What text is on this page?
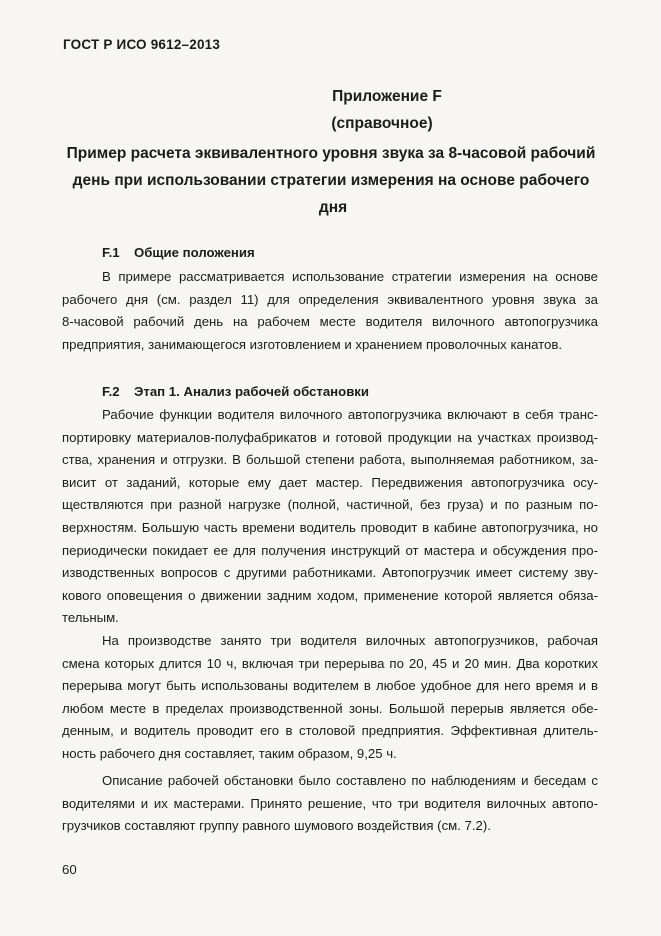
ГОСТ Р ИСО 9612–2013
Приложение F
(справочное)
Пример расчета эквивалентного уровня звука за 8-часовой рабочий
день при использовании стратегии измерения на основе рабочего
дня
F.1 Общие положения
В примере рассматривается использование стратегии измерения на основе
рабочего дня (см. раздел 11) для определения эквивалентного уровня звука за
8-часовой рабочий день на рабочем месте водителя вилочного автопогрузчика
предприятия, занимающегося изготовлением и хранением проволочных канатов.
F.2 Этап 1. Анализ рабочей обстановки
Рабочие функции водителя вилочного автопогрузчика включают в себя транс-
портировку материалов-полуфабрикатов и готовой продукции на участках производ-
ства, хранения и отгрузки. В большой степени работа, выполняемая работником, за-
висит от заданий, которые ему дает мастер. Передвижения автопогрузчика осу-
ществляются при разной нагрузке (полной, частичной, без груза) и по разным по-
верхностям. Большую часть времени водитель проводит в кабине автопогрузчика, но
периодически покидает ее для получения инструкций от мастера и обсуждения про-
изводственных вопросов с другими работниками. Автопогрузчик имеет систему зву-
кового оповещения о движении задним ходом, применение которой является обяза-
тельным.
На производстве занято три водителя вилочных автопогрузчиков, рабочая
смена которых длится 10 ч, включая три перерыва по 20, 45 и 20 мин. Два коротких
перерыва могут быть использованы водителем в любое удобное для него время и в
любом месте в пределах производственной зоны. Большой перерыв является обе-
денным, и водитель проводит его в столовой предприятия. Эффективная длитель-
ность рабочего дня составляет, таким образом, 9,25 ч.
Описание рабочей обстановки было составлено по наблюдениям и беседам с
водителями и их мастерами. Принято решение, что три водителя вилочных автопо-
грузчиков составляют группу равного шумового воздействия (см. 7.2).
60
